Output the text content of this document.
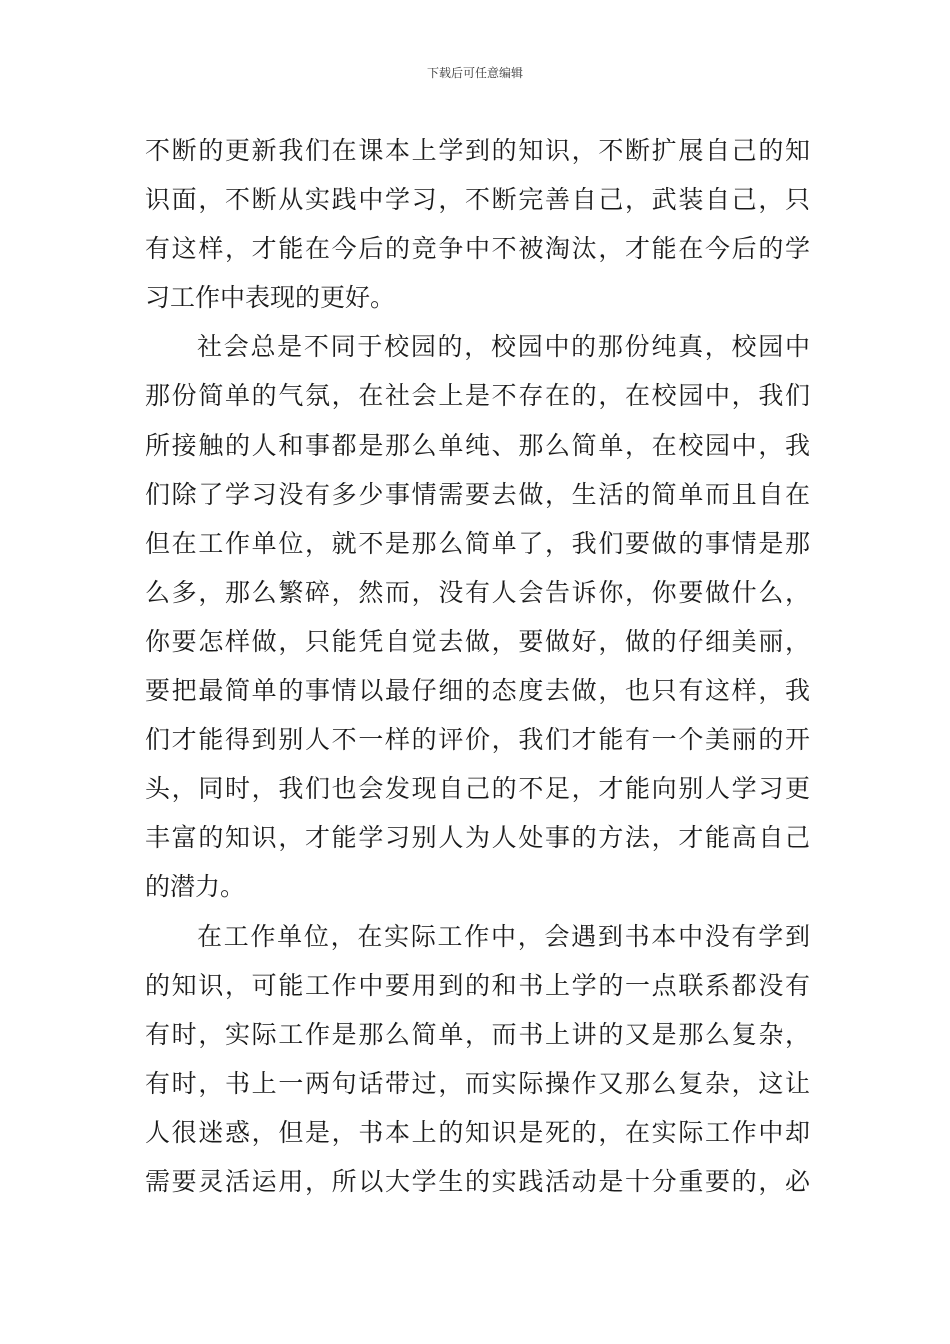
下载后可任意编辑
不断的更新我们在课本上学到的知识，不断扩展自己的知
识面，不断从实践中学习，不断完善自己，武装自己，只
有这样，才能在今后的竞争中不被淘汰，才能在今后的学
习工作中表现的更好。
社会总是不同于校园的，校园中的那份纯真，校园中
那份简单的气氛，在社会上是不存在的，在校园中，我们
所接触的人和事都是那么单纯、那么简单，在校园中，我
们除了学习没有多少事情需要去做，生活的简单而且自在
但在工作单位，就不是那么简单了，我们要做的事情是那
么多，那么繁碎，然而，没有人会告诉你，你要做什么，
你要怎样做，只能凭自觉去做，要做好，做的仔细美丽，
要把最简单的事情以最仔细的态度去做，也只有这样，我
们才能得到别人不一样的评价，我们才能有一个美丽的开
头，同时，我们也会发现自己的不足，才能向别人学习更
丰富的知识，才能学习别人为人处事的方法，才能高自己
的潜力。
在工作单位，在实际工作中，会遇到书本中没有学到
的知识，可能工作中要用到的和书上学的一点联系都没有
有时，实际工作是那么简单，而书上讲的又是那么复杂，
有时，书上一两句话带过，而实际操作又那么复杂，这让
人很迷惑，但是，书本上的知识是死的，在实际工作中却
需要灵活运用，所以大学生的实践活动是十分重要的，必
